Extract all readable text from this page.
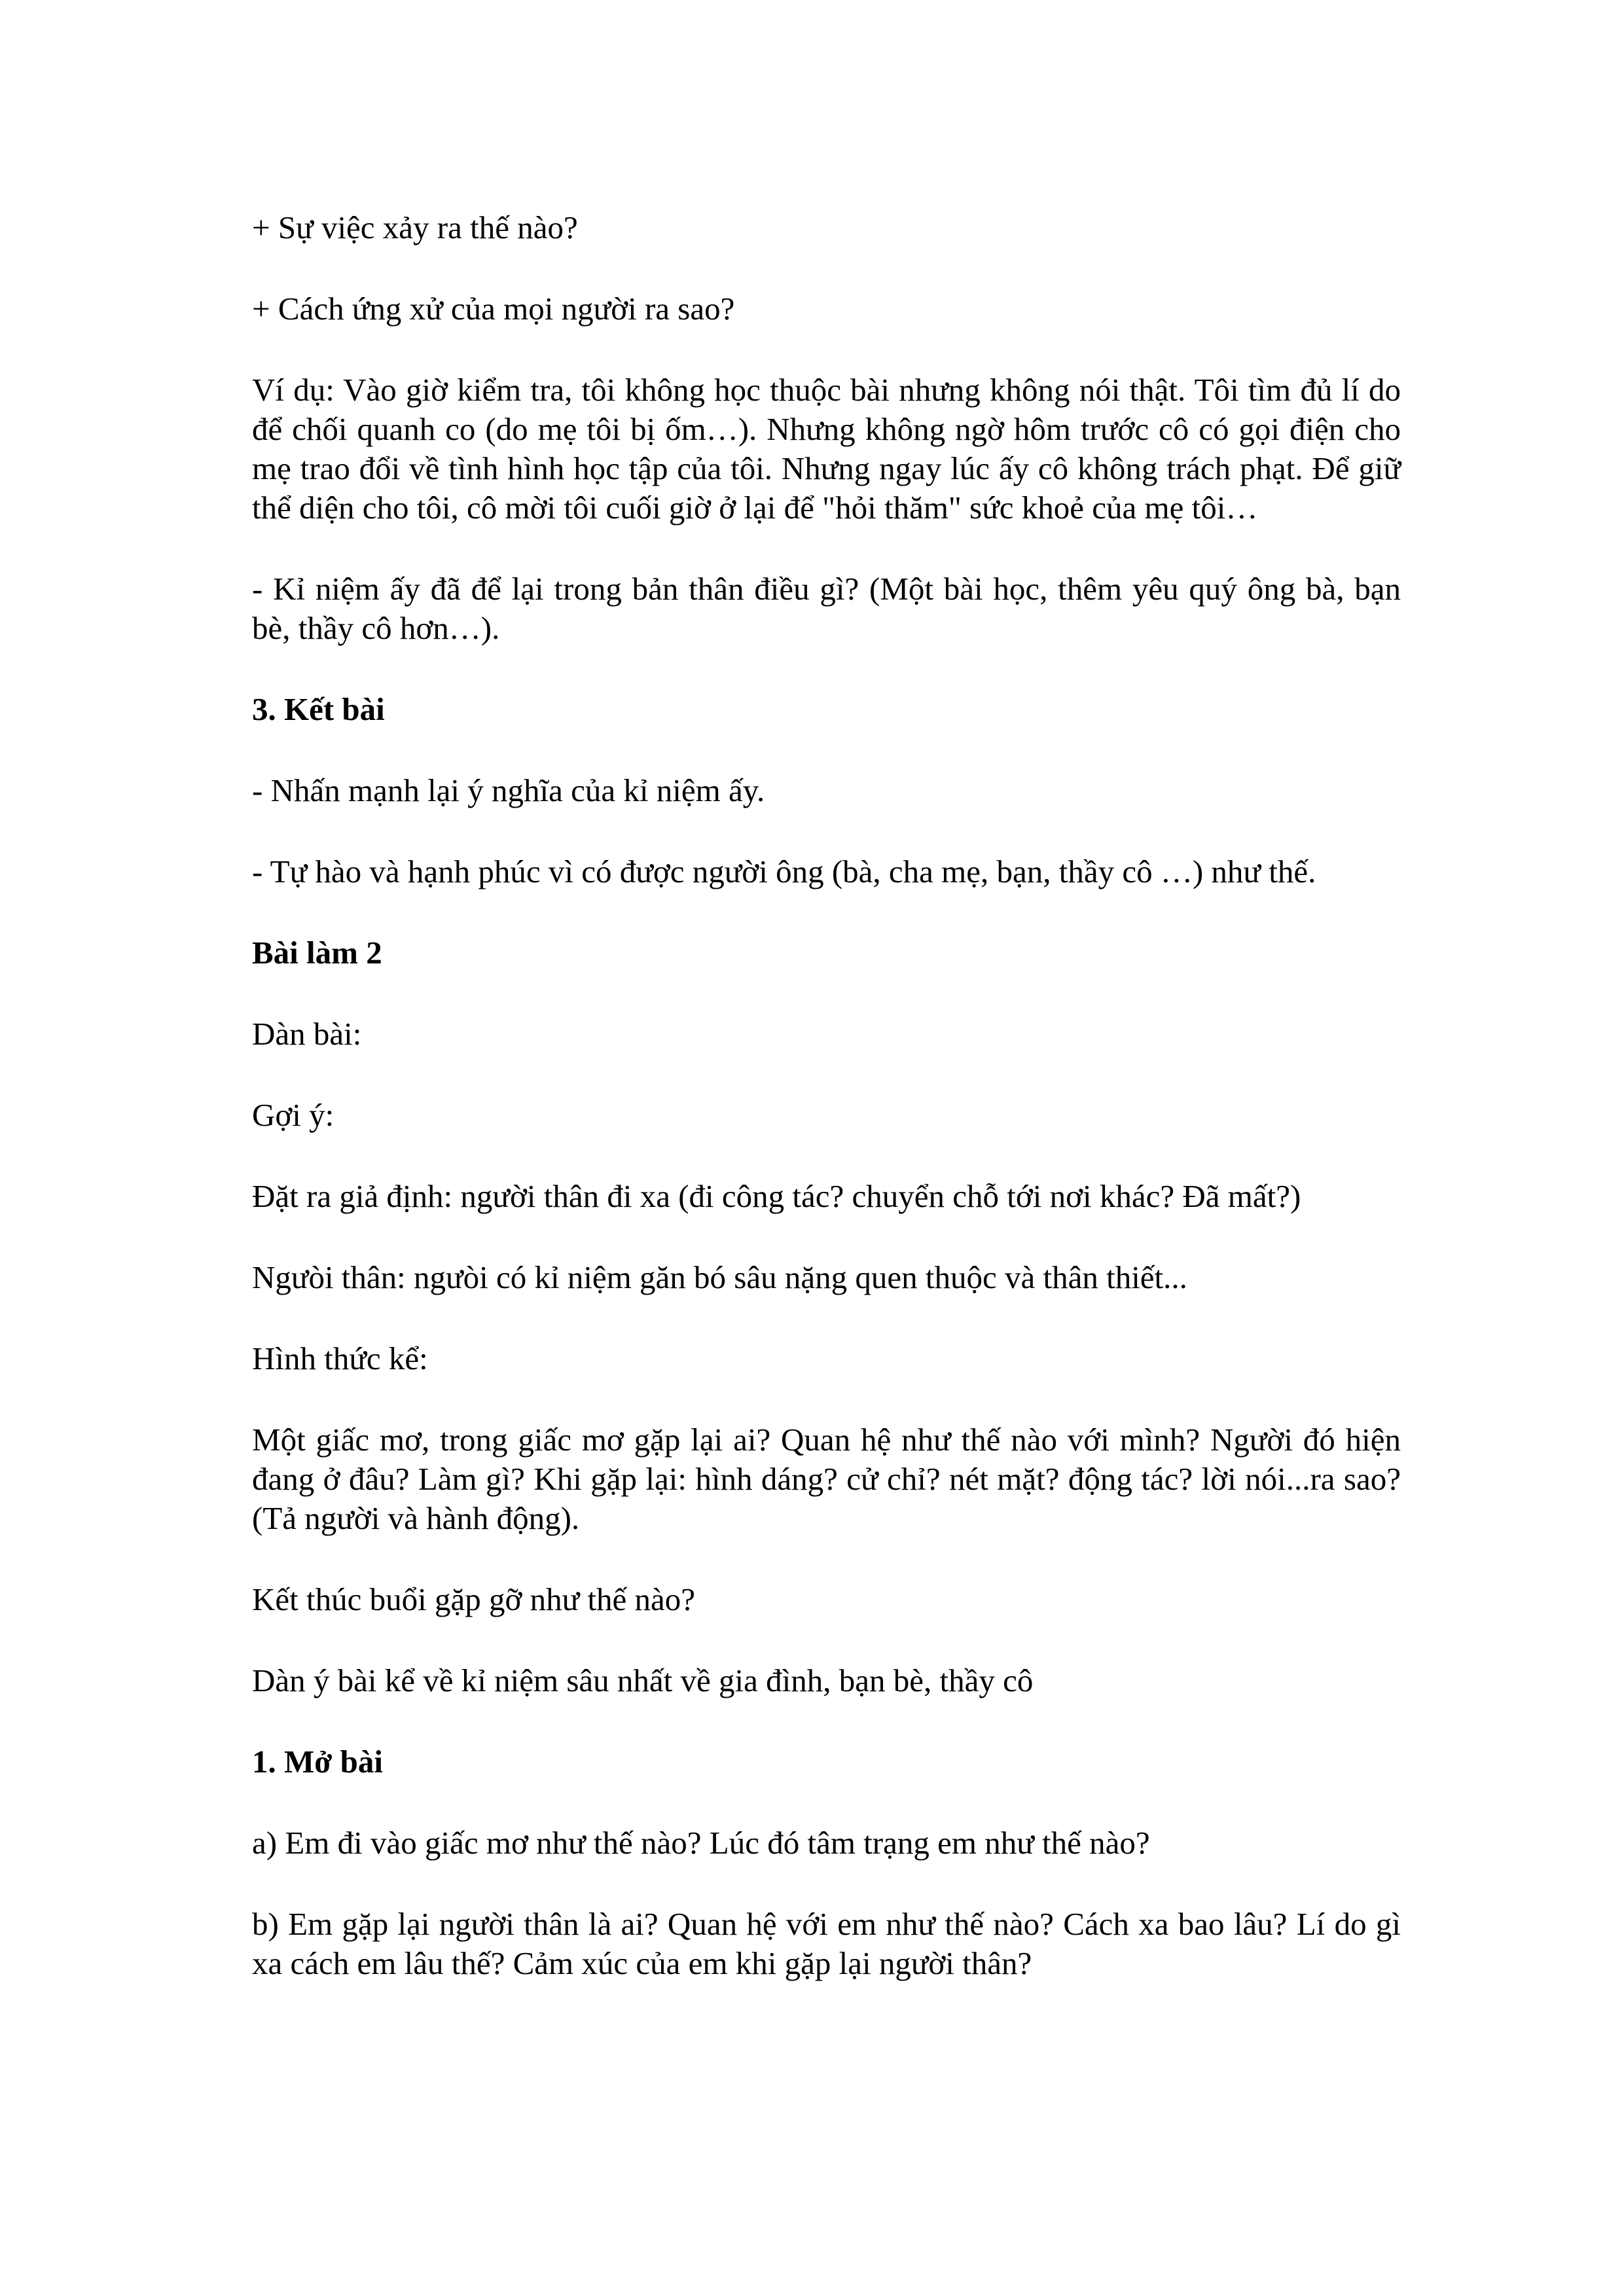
+ Sự việc xảy ra thế nào?

+ Cách ứng xử của mọi người ra sao?

Ví dụ: Vào giờ kiểm tra, tôi không học thuộc bài nhưng không nói thật. Tôi tìm đủ lí do để chối quanh co (do mẹ tôi bị ốm…). Nhưng không ngờ hôm trước cô có gọi điện cho mẹ trao đổi về tình hình học tập của tôi. Nhưng ngay lúc ấy cô không trách phạt. Để giữ thể diện cho tôi, cô mời tôi cuối giờ ở lại để "hỏi thăm" sức khoẻ của mẹ tôi…

- Kỉ niệm ấy đã để lại trong bản thân điều gì? (Một bài học, thêm yêu quý ông bà, bạn bè, thầy cô hơn…).

3. Kết bài

- Nhấn mạnh lại ý nghĩa của kỉ niệm ấy.

- Tự hào và hạnh phúc vì có được người ông (bà, cha mẹ, bạn, thầy cô …) như thế.

Bài làm 2

Dàn bài:

Gợi ý:

Đặt ra giả định: người thân đi xa (đi công tác? chuyển chỗ tới nơi khác? Đã mất?)

Ngưòi thân: ngưòi có kỉ niệm găn bó sâu nặng quen thuộc và thân thiết...

Hình thức kể:

Một giấc mơ, trong giấc mơ gặp lại ai? Quan hệ như thế nào với mình? Người đó hiện đang ở đâu? Làm gì? Khi gặp lại: hình dáng? cử chỉ? nét mặt? động tác? lời nói...ra sao? (Tả người và hành động).

Kết thúc buổi gặp gỡ như thế nào?

Dàn ý bài kể về kỉ niệm sâu nhất về gia đình, bạn bè, thầy cô

1. Mở bài

a) Em đi vào giấc mơ như thế nào? Lúc đó tâm trạng em như thế nào?

b) Em gặp lại người thân là ai? Quan hệ với em như thế nào? Cách xa bao lâu? Lí do gì xa cách em lâu thế? Cảm xúc của em khi gặp lại người thân?
